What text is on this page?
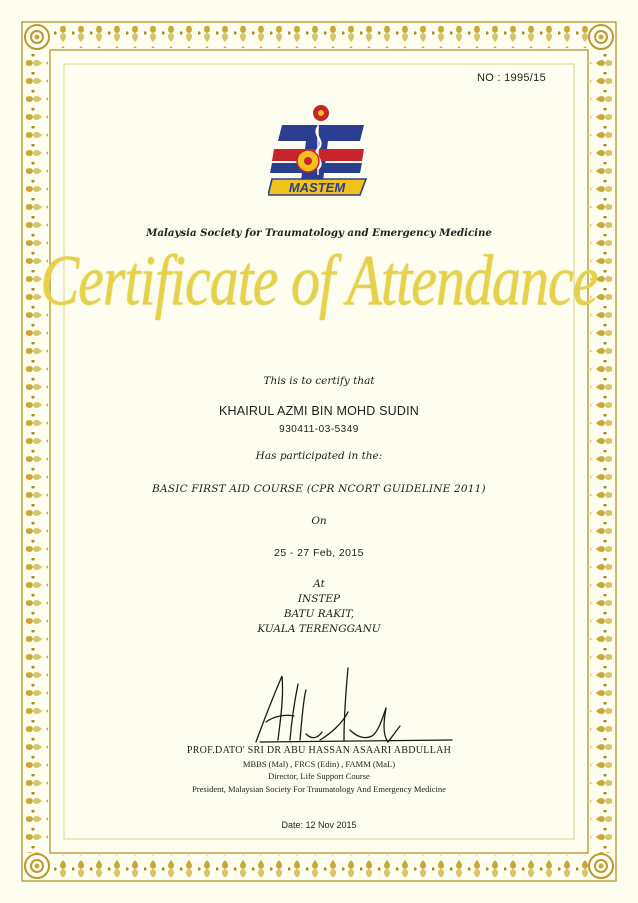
NO : 1995/15
MASTEM
Malaysia Society for Traumatology and Emergency Medicine
Certificate of Attendance
This is to certify that
KHAIRUL AZMI BIN MOHD SUDIN
930411-03-5349
Has participated in the:
BASIC FIRST AID COURSE (CPR NCORT GUIDELINE 2011)
On
25 - 27 Feb, 2015
At
INSTEP
BATU RAKIT,
KUALA TERENGGANU
PROF.DATO' SRI DR ABU HASSAN ASAARI ABDULLAH
MBBS (Mal) , FRCS (Edin) , FAMM (MaL)
Director, Life Support Course
President, Malaysian Society For Traumatology And Emergency Medicine
Date: 12 Nov 2015
